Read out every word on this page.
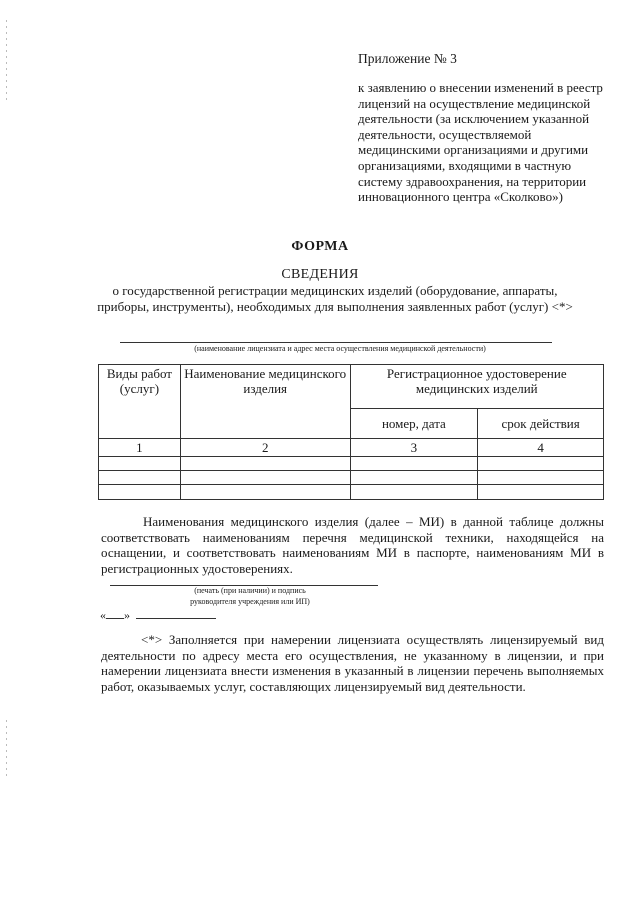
Приложение № 3
к заявлению о внесении изменений в реестр лицензий на осуществление медицинской деятельности (за исключением указанной деятельности, осуществляемой медицинскими организациями и другими организациями, входящими в частную систему здравоохранения, на территории инновационного центра «Сколково»)
ФОРМА
СВЕДЕНИЯ
о государственной регистрации медицинских изделий (оборудование, аппараты, приборы, инструменты), необходимых для выполнения заявленных работ (услуг) <*>
(наименование лицензиата и адрес места осуществления медицинской деятельности)
Виды работ (услуг)	Наименование медицинского изделия	Регистрационное удостоверение медицинских изделий	
		номер, дата	срок действия
1	2	3	4

Наименования медицинского изделия (далее – МИ) в данной таблице должны соответствовать наименованиям перечня медицинской техники, находящейся на оснащении, и соответствовать наименованиям МИ в паспорте, наименованиям МИ в регистрационных удостоверениях.
(печать (при наличии) и подпись
руководителя учреждения или ИП)
« »
<*> Заполняется при намерении лицензиата осуществлять лицензируемый вид деятельности по адресу места его осуществления, не указанному в лицензии, и при намерении лицензиата внести изменения в указанный в лицензии перечень выполняемых работ, оказываемых услуг, составляющих лицензируемый вид деятельности.
